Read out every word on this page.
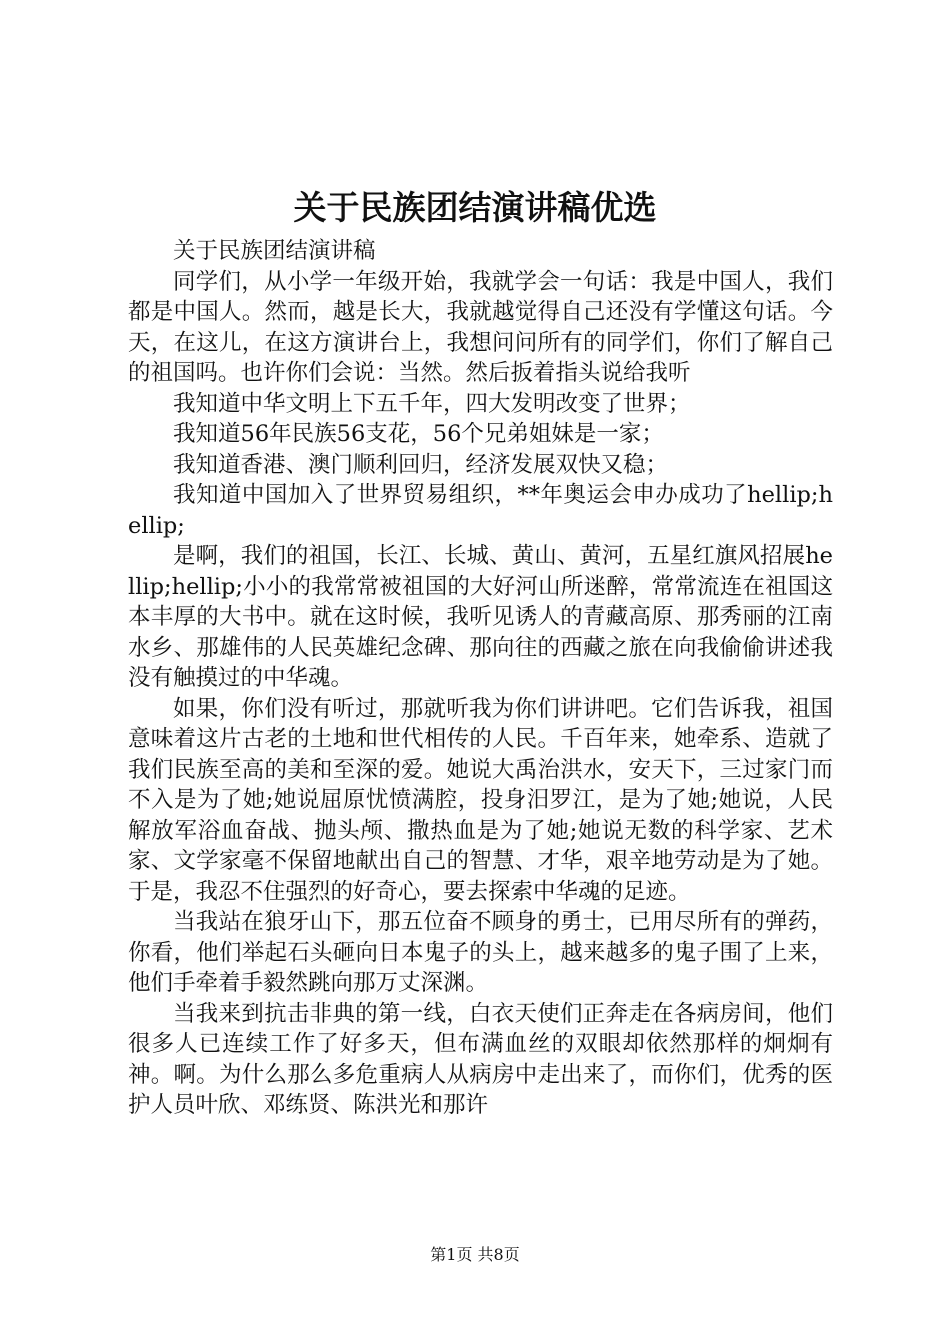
关于民族团结演讲稿优选

关于民族团结演讲稿

同学们，从小学一年级开始，我就学会一句话：我是中国人，我们都是中国人。然而，越是长大，我就越觉得自己还没有学懂这句话。今天，在这儿，在这方演讲台上，我想问问所有的同学们，你们了解自己的祖国吗。也许你们会说：当然。然后扳着指头说给我听

我知道中华文明上下五千年，四大发明改变了世界；

我知道56年民族56支花，56个兄弟姐妹是一家；

我知道香港、澳门顺利回归，经济发展双快又稳；

我知道中国加入了世界贸易组织，**年奥运会申办成功了hellip;hellip;

是啊，我们的祖国，长江、长城、黄山、黄河，五星红旗风招展hellip;hellip;小小的我常常被祖国的大好河山所迷醉，常常流连在祖国这本丰厚的大书中。就在这时候，我听见诱人的青藏高原、那秀丽的江南水乡、那雄伟的人民英雄纪念碑、那向往的西藏之旅在向我偷偷讲述我没有触摸过的中华魂。

如果，你们没有听过，那就听我为你们讲讲吧。它们告诉我，祖国意味着这片古老的土地和世代相传的人民。千百年来，她牵系、造就了我们民族至高的美和至深的爱。她说大禹治洪水，安天下，三过家门而不入是为了她;她说屈原忧愤满腔，投身汨罗江，是为了她;她说，人民解放军浴血奋战、抛头颅、撒热血是为了她;她说无数的科学家、艺术家、文学家毫不保留地献出自己的智慧、才华，艰辛地劳动是为了她。于是，我忍不住强烈的好奇心，要去探索中华魂的足迹。

当我站在狼牙山下，那五位奋不顾身的勇士，已用尽所有的弹药，你看，他们举起石头砸向日本鬼子的头上，越来越多的鬼子围了上来，他们手牵着手毅然跳向那万丈深渊。

当我来到抗击非典的第一线，白衣天使们正奔走在各病房间，他们很多人已连续工作了好多天，但布满血丝的双眼却依然那样的炯炯有神。啊。为什么那么多危重病人从病房中走出来了，而你们，优秀的医护人员叶欣、邓练贤、陈洪光和那许

第1页 共8页
